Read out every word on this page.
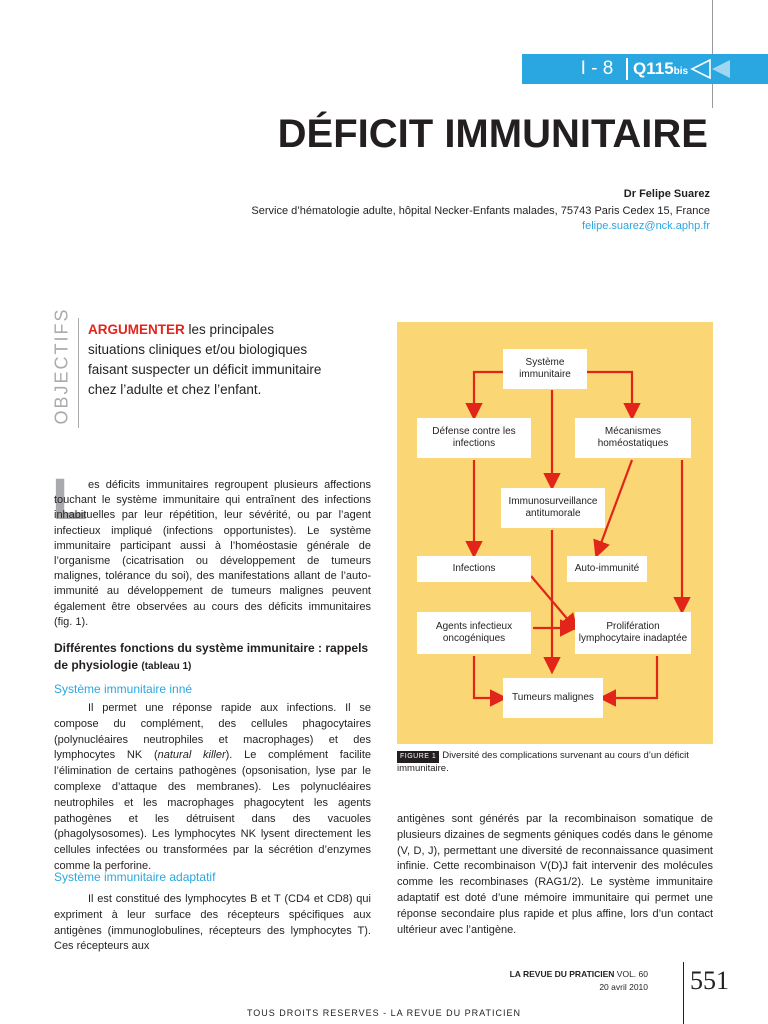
I - 8	Q115bis
DÉFICIT IMMUNITAIRE
Dr Felipe Suarez
Service d’hématologie adulte, hôpital Necker-Enfants malades, 75743 Paris Cedex 15, France
felipe.suarez@nck.aphp.fr
OBJECTIFS ARGUMENTER les principales situations cliniques et/ou biologiques faisant suspecter un déficit immunitaire chez l’adulte et chez l’enfant.
Système immunitaire
Défense contre les infections
Mécanismes homéostatiques
Immunosurveillance antitumorale
Infections	Auto-immunité
Agents infectieux oncogéniques
Prolifération lymphocytaire inadaptée
Tumeurs malignes
FIGURE 1 Diversité des complications survenant au cours d’un déficit immunitaire.
L es déficits immunitaires regroupent plusieurs affections touchant le système immunitaire qui entraînent des infections inhabituelles par leur répétition, leur sévérité, ou par l’agent infectieux impliqué (infections opportunistes). Le système immunitaire participant aussi à l’homéostasie générale de l’organisme (cicatrisation ou développement de tumeurs malignes, tolérance du soi), des manifestations allant de l’auto-immunité au développement de tumeurs malignes peuvent également être observées au cours des déficits immunitaires (fig. 1).

Différentes fonctions du système immunitaire : rappels de physiologie (tableau 1)
Système immunitaire inné

Il permet une réponse rapide aux infections. Il se compose du complément, des cellules phagocytaires (polynucléaires neutrophiles et macrophages) et des lymphocytes NK (natural killer). Le complément facilite l’élimination de certains pathogènes (opsonisation, lyse par le complexe d’attaque des membranes). Les polynucléaires neutrophiles et les macrophages phagocytent les agents pathogènes et les détruisent dans des vacuoles (phagolysosomes). Les lymphocytes NK lysent directement les cellules infectées ou transformées par la sécrétion d’enzymes comme la perforine.

Système immunitaire adaptatif

Il est constitué des lymphocytes B et T (CD4 et CD8) qui expriment à leur surface des récepteurs spécifiques aux antigènes (immunoglobulines, récepteurs des lymphocytes T). Ces récepteurs aux

antigènes sont générés par la recombinaison somatique de plusieurs dizaines de segments géniques codés dans le génome (V, D, J), permettant une diversité de reconnaissance quasiment infinie. Cette recombinaison V(D)J fait intervenir des molécules comme les recombinases (RAG1/2). Le système immunitaire adaptatif est doté d’une mémoire immunitaire qui permet une réponse secondaire plus rapide et plus affine, lors d’un contact ultérieur avec l’antigène.

LA REVUE DU PRATICIEN VOL. 60
20 avril 2010 551
TOUS DROITS RESERVES - LA REVUE DU PRATICIEN
